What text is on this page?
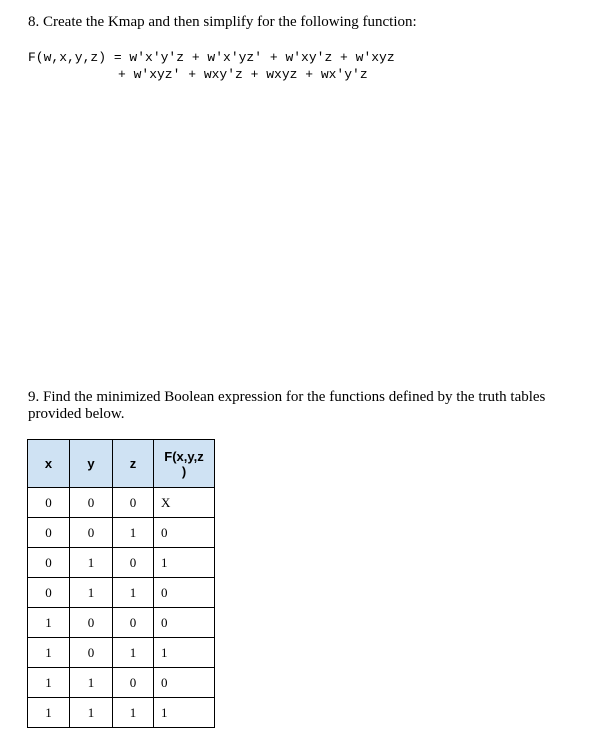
8. Create the Kmap and then simplify for the following function:
F(w,x,y,z) = w'x'y'z + w'x'yz' + w'xy'z + w'xyz
+ w'xyz' + wxy'z + wxyz + wx'y'z
9. Find the minimized Boolean expression for the functions defined by the truth tables provided below.
x	y	z	F(x,y,z
)
0	0	0	X
0	0	1	0
0	1	0	1
0	1	1	0
1	0	0	0
1	0	1	1
1	1	0	0
1	1	1	1
